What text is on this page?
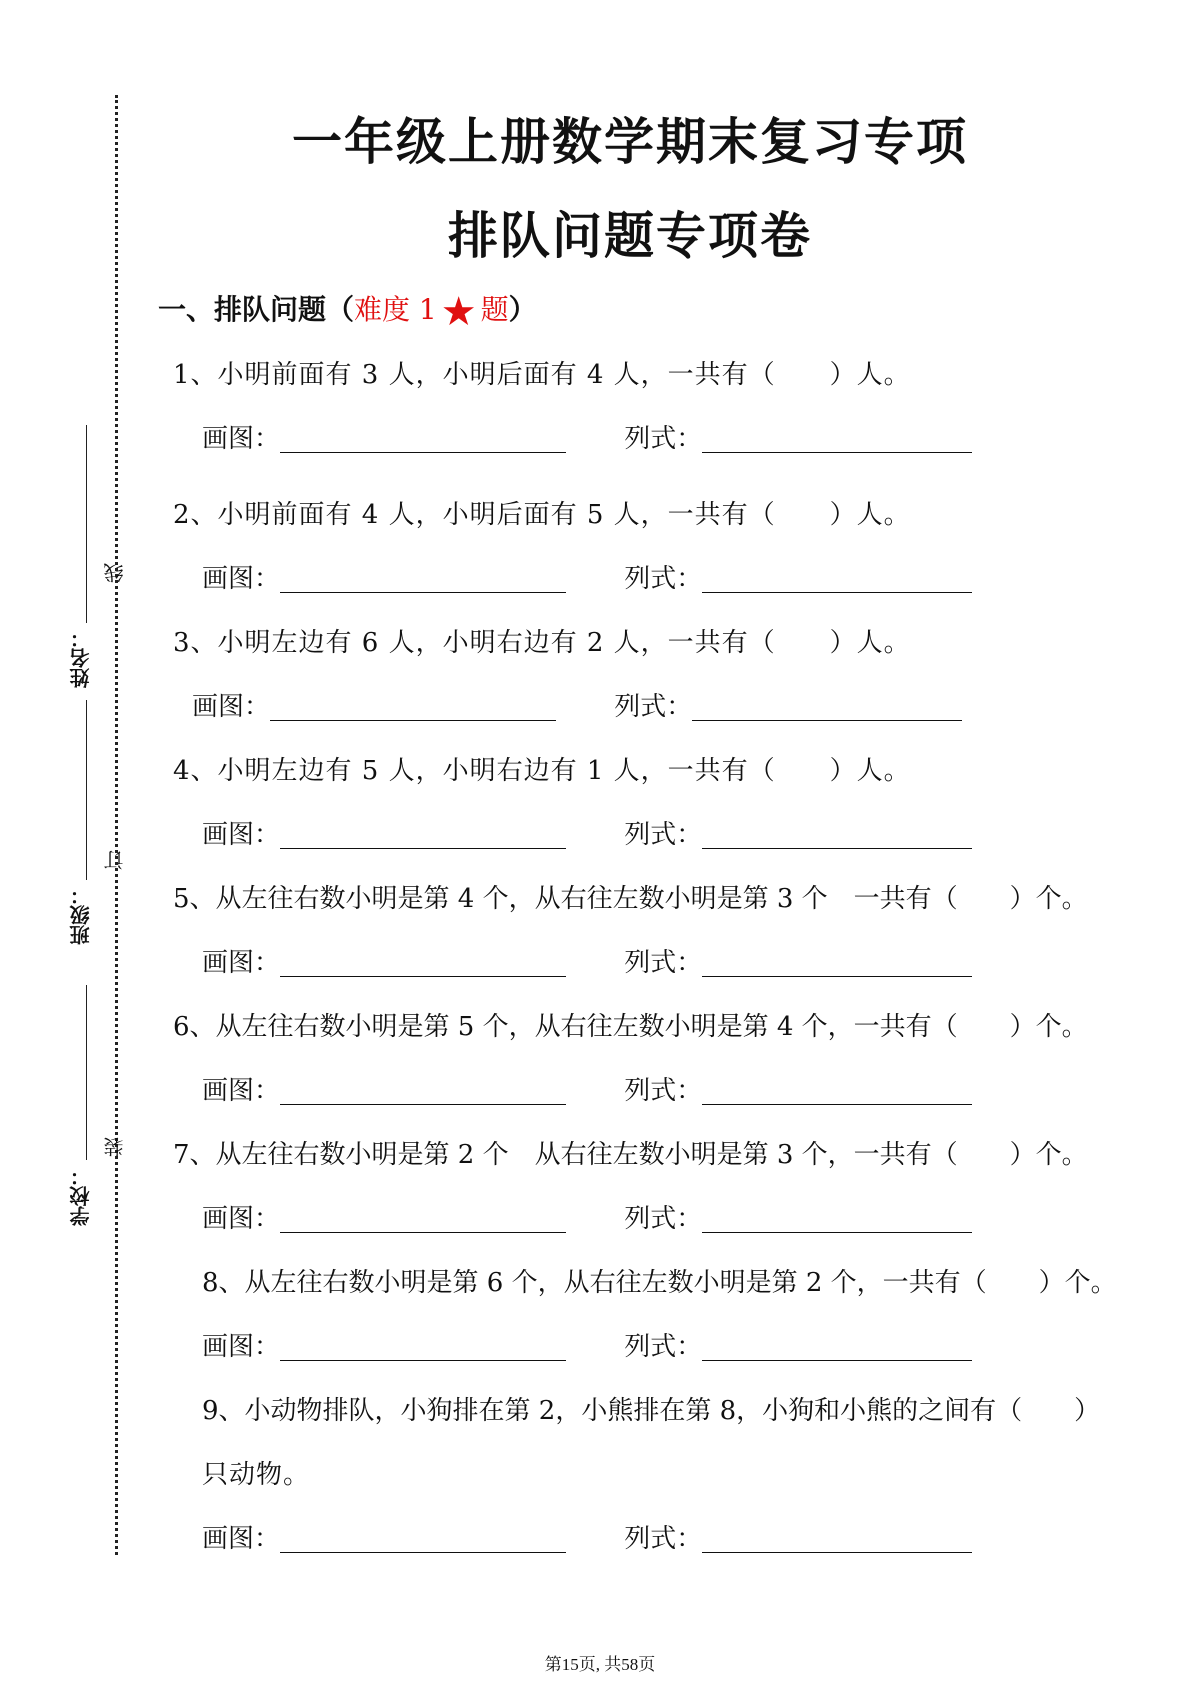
学校：
班级：
姓名：
装
订
线
一年级上册数学期末复习专项
排队问题专项卷
一、排队问题（难度 1 ★ 题）
1、小明前面有 3 人，小明后面有 4 人，一共有（　　）人。
画图：	列式：
2、小明前面有 4 人，小明后面有 5 人，一共有（　　）人。
画图：	列式：
3、小明左边有 6 人，小明右边有 2 人，一共有（　　）人。
画图：	列式：
4、小明左边有 5 人，小明右边有 1 人，一共有（　　）人。
画图：	列式：
5、从左往右数小明是第 4 个，从右往左数小明是第 3 个　一共有（　　）个。
画图：	列式：
6、从左往右数小明是第 5 个，从右往左数小明是第 4 个，一共有（　　）个。
画图：	列式：
7、从左往右数小明是第 2 个　从右往左数小明是第 3 个，一共有（　　）个。
画图：	列式：
8、从左往右数小明是第 6 个，从右往左数小明是第 2 个，一共有（　　）个。
画图：	列式：
9、小动物排队，小狗排在第 2，小熊排在第 8，小狗和小熊的之间有（　　）
只动物。
画图：	列式：
第15页, 共58页
